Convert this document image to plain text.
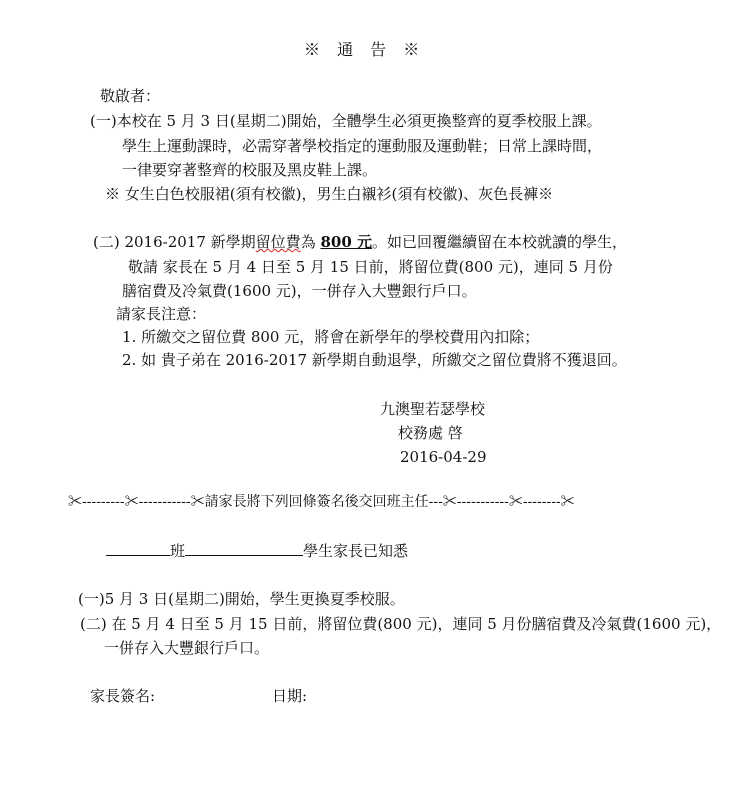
※ 通 告 ※
敬啟者：
(一)本校在 5 月 3 日(星期二)開始，全體學生必須更換整齊的夏季校服上課。
學生上運動課時，必需穿著學校指定的運動服及運動鞋；日常上課時間，
一律要穿著整齊的校服及黑皮鞋上課。
※ 女生白色校服裙(須有校徽)，男生白襯衫(須有校徽)、灰色長褲※
(二) 2016-2017 新學期留位費為 800 元。如已回覆繼續留在本校就讀的學生，
敬請 家長在 5 月 4 日至 5 月 15 日前，將留位費(800 元)，連同 5 月份
膳宿費及冷氣費(1600 元)，一併存入大豐銀行戶口。
請家長注意：
1. 所繳交之留位費 800 元，將會在新學年的學校費用內扣除；
2. 如 貴子弟在 2016-2017 新學期自動退學，所繳交之留位費將不獲退回。
九澳聖若瑟學校
校務處 啓
2016-04-29
✂---------✂-----------✂請家長將下列回條簽名後交回班主任---✂-----------✂--------✂
班	學生家長已知悉
(一)5 月 3 日(星期二)開始，學生更換夏季校服。
(二) 在 5 月 4 日至 5 月 15 日前，將留位費(800 元)，連同 5 月份膳宿費及冷氣費(1600 元)，
一併存入大豐銀行戶口。
家長簽名:	日期:
